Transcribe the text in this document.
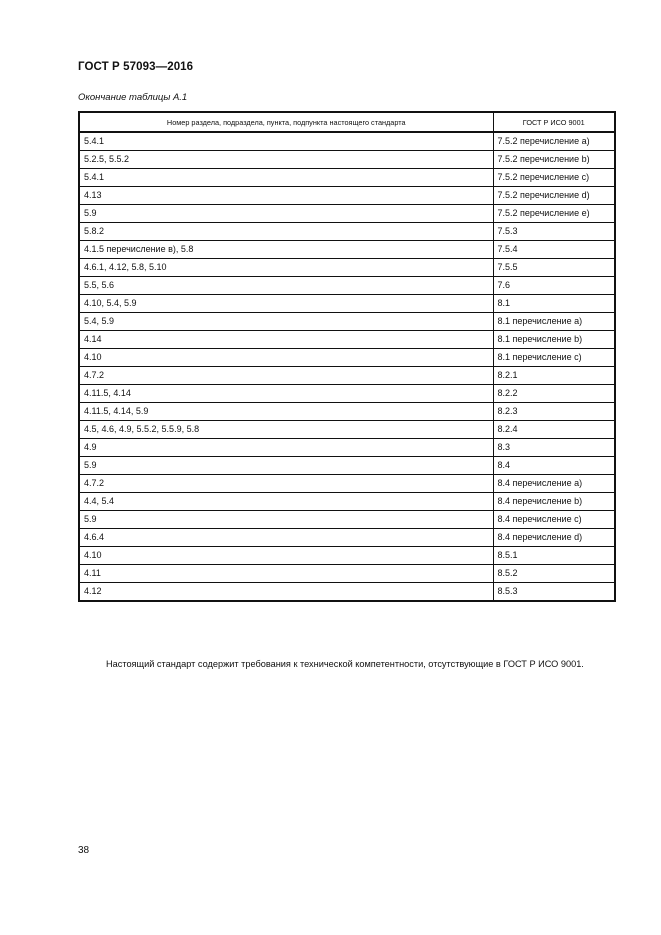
ГОСТ Р 57093—2016
Окончание таблицы А.1
Номер раздела, подраздела, пункта, подпункта настоящего стандарта	ГОСТ Р ИСО 9001
5.4.1	7.5.2 перечисление а)
5.2.5, 5.5.2	7.5.2 перечисление b)
5.4.1	7.5.2 перечисление с)
4.13	7.5.2 перечисление d)
5.9	7.5.2 перечисление е)
5.8.2	7.5.3
4.1.5 перечисление в), 5.8	7.5.4
4.6.1, 4.12, 5.8, 5.10	7.5.5
5.5, 5.6	7.6
4.10, 5.4, 5.9	8.1
5.4, 5.9	8.1 перечисление а)
4.14	8.1 перечисление b)
4.10	8.1 перечисление с)
4.7.2	8.2.1
4.11.5, 4.14	8.2.2
4.11.5, 4.14, 5.9	8.2.3
4.5, 4.6, 4.9, 5.5.2, 5.5.9, 5.8	8.2.4
4.9	8.3
5.9	8.4
4.7.2	8.4 перечисление а)
4.4, 5.4	8.4 перечисление b)
5.9	8.4 перечисление с)
4.6.4	8.4 перечисление d)
4.10	8.5.1
4.11	8.5.2
4.12	8.5.3
Настоящий стандарт содержит требования к технической компетентности, отсутствующие в ГОСТ Р ИСО 9001.
38
